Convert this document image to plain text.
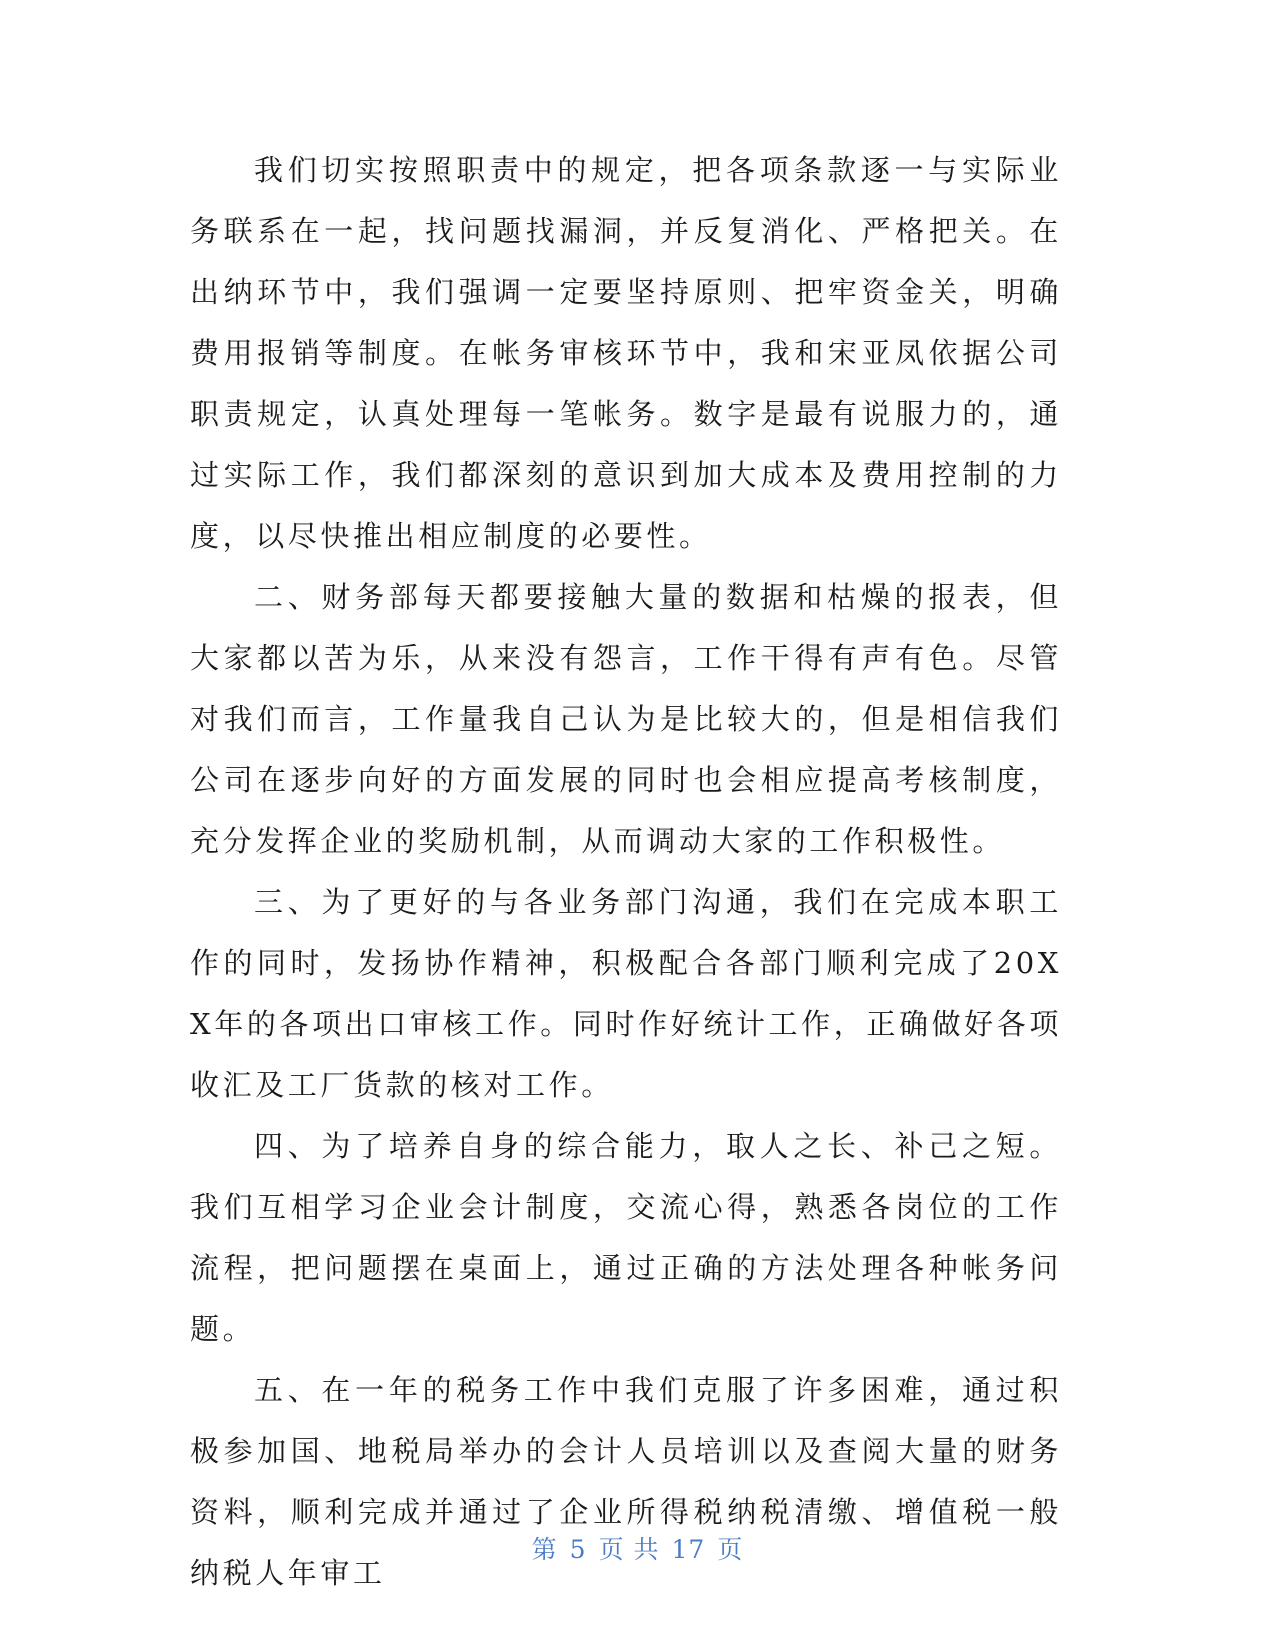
我们切实按照职责中的规定，把各项条款逐一与实际业务联系在一起，找问题找漏洞，并反复消化、严格把关。在出纳环节中，我们强调一定要坚持原则、把牢资金关，明确费用报销等制度。在帐务审核环节中，我和宋亚凤依据公司职责规定，认真处理每一笔帐务。数字是最有说服力的，通过实际工作，我们都深刻的意识到加大成本及费用控制的力度，以尽快推出相应制度的必要性。

二、财务部每天都要接触大量的数据和枯燥的报表，但大家都以苦为乐，从来没有怨言，工作干得有声有色。尽管对我们而言，工作量我自己认为是比较大的，但是相信我们公司在逐步向好的方面发展的同时也会相应提高考核制度，充分发挥企业的奖励机制，从而调动大家的工作积极性。

三、为了更好的与各业务部门沟通，我们在完成本职工作的同时，发扬协作精神，积极配合各部门顺利完成了20XX年的各项出口审核工作。同时作好统计工作，正确做好各项收汇及工厂货款的核对工作。

四、为了培养自身的综合能力，取人之长、补己之短。我们互相学习企业会计制度，交流心得，熟悉各岗位的工作流程，把问题摆在桌面上，通过正确的方法处理各种帐务问题。

五、在一年的税务工作中我们克服了许多困难，通过积极参加国、地税局举办的会计人员培训以及查阅大量的财务资料，顺利完成并通过了企业所得税纳税清缴、增值税一般纳税人年审工

第 5 页 共 17 页
